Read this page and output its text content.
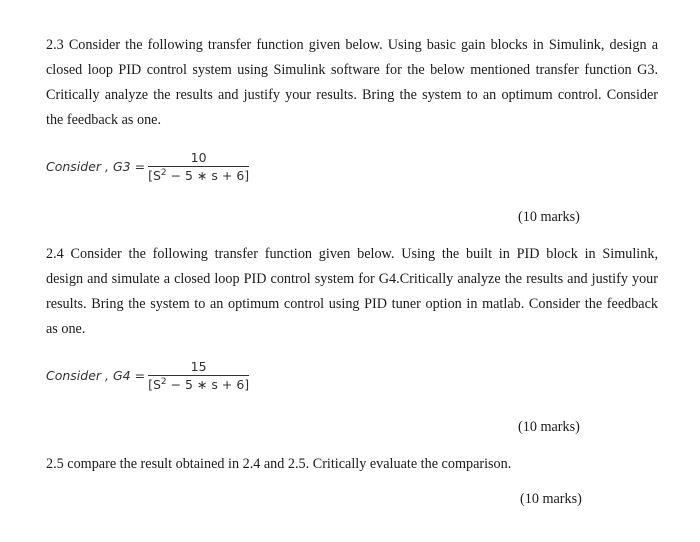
2.3 Consider the following transfer function given below. Using basic gain blocks in Simulink, design a
closed loop PID control system using Simulink software for the below mentioned transfer function G3.
Critically analyze the results and justify your results. Bring the system to an optimum control. Consider
the feedback as one.
Consider , $G3 = \frac{10}{[S^2 - 5 ∗ s + 6]}$
(10 marks)
2.4 Consider the following transfer function given below. Using the built in PID block in Simulink,
design and simulate a closed loop PID control system for G4.Critically analyze the results and justify your
results. Bring the system to an optimum control using PID tuner option in matlab. Consider the feedback
as one.
Consider , $G4 = \frac{15}{[S^2 - 5 ∗ s + 6]}$
(10 marks)
2.5 compare the result obtained in 2.4 and 2.5. Critically evaluate the comparison.
(10 marks)
